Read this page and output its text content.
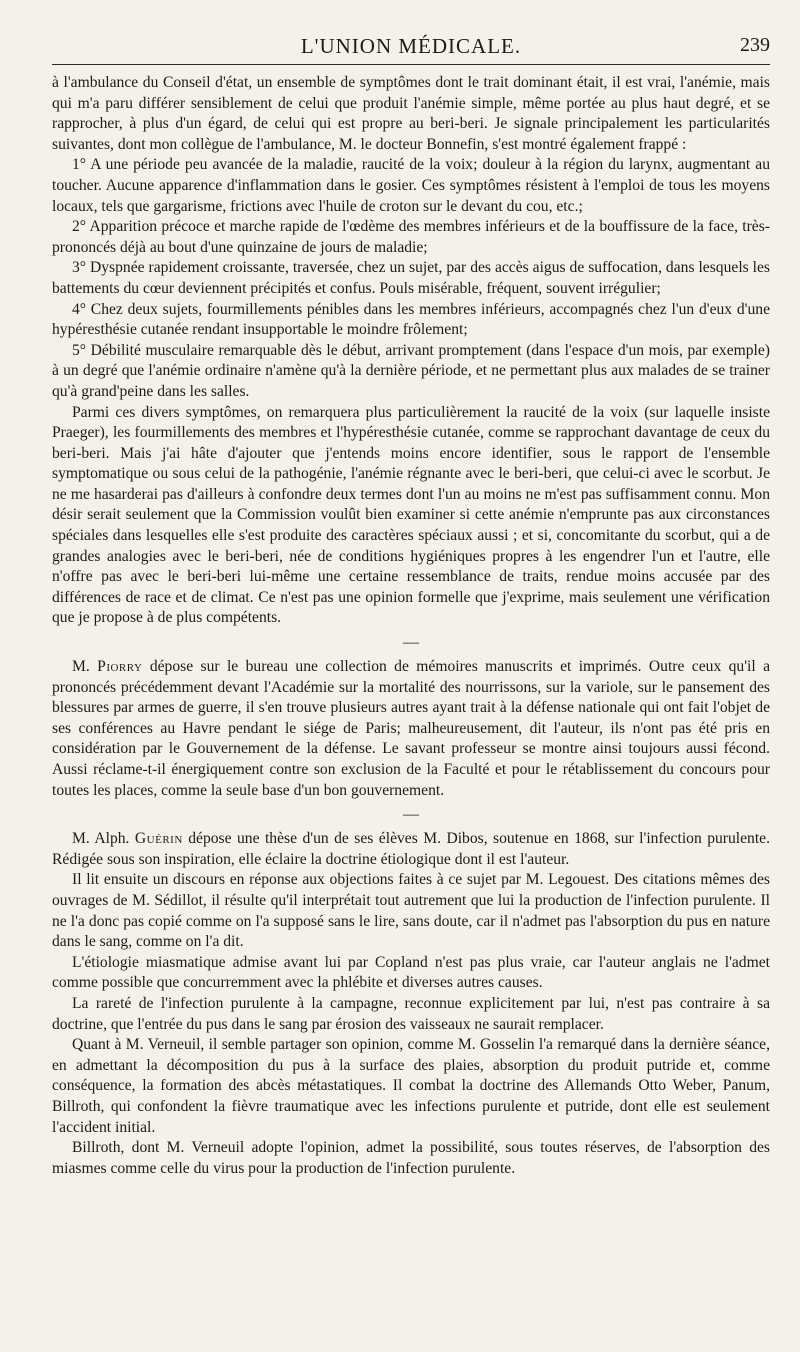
L'UNION MÉDICALE.	239

à l'ambulance du Conseil d'état, un ensemble de symptômes dont le trait dominant était, il est vrai, l'anémie, mais qui m'a paru différer sensiblement de celui que produit l'anémie simple, même portée au plus haut degré, et se rapprocher, à plus d'un égard, de celui qui est propre au beri-beri. Je signale principalement les particularités suivantes, dont mon collègue de l'ambulance, M. le docteur Bonnefin, s'est montré également frappé :

1° A une période peu avancée de la maladie, raucité de la voix; douleur à la région du larynx, augmentant au toucher. Aucune apparence d'inflammation dans le gosier. Ces symptômes résistent à l'emploi de tous les moyens locaux, tels que gargarisme, frictions avec l'huile de croton sur le devant du cou, etc.;

2° Apparition précoce et marche rapide de l'œdème des membres inférieurs et de la bouffissure de la face, très-prononcés déjà au bout d'une quinzaine de jours de maladie;

3° Dyspnée rapidement croissante, traversée, chez un sujet, par des accès aigus de suffocation, dans lesquels les battements du cœur deviennent précipités et confus. Pouls misérable, fréquent, souvent irrégulier;

4° Chez deux sujets, fourmillements pénibles dans les membres inférieurs, accompagnés chez l'un d'eux d'une hypéresthésie cutanée rendant insupportable le moindre frôlement;

5° Débilité musculaire remarquable dès le début, arrivant promptement (dans l'espace d'un mois, par exemple) à un degré que l'anémie ordinaire n'amène qu'à la dernière période, et ne permettant plus aux malades de se trainer qu'à grand'peine dans les salles.

Parmi ces divers symptômes, on remarquera plus particulièrement la raucité de la voix (sur laquelle insiste Praeger), les fourmillements des membres et l'hypéresthésie cutanée, comme se rapprochant davantage de ceux du beri-beri. Mais j'ai hâte d'ajouter que j'entends moins encore identifier, sous le rapport de l'ensemble symptomatique ou sous celui de la pathogénie, l'anémie régnante avec le beri-beri, que celui-ci avec le scorbut. Je ne me hasarderai pas d'ailleurs à confondre deux termes dont l'un au moins ne m'est pas suffisamment connu. Mon désir serait seulement que la Commission voulût bien examiner si cette anémie n'emprunte pas aux circonstances spéciales dans lesquelles elle s'est produite des caractères spéciaux aussi ; et si, concomitante du scorbut, qui a de grandes analogies avec le beri-beri, née de conditions hygiéniques propres à les engendrer l'un et l'autre, elle n'offre pas avec le beri-beri lui-même une certaine ressemblance de traits, rendue moins accusée par des différences de race et de climat. Ce n'est pas une opinion formelle que j'exprime, mais seulement une vérification que je propose à de plus compétents.

—

M. Piorry dépose sur le bureau une collection de mémoires manuscrits et imprimés. Outre ceux qu'il a prononcés précédemment devant l'Académie sur la mortalité des nourrissons, sur la variole, sur le pansement des blessures par armes de guerre, il s'en trouve plusieurs autres ayant trait à la défense nationale qui ont fait l'objet de ses conférences au Havre pendant le siége de Paris; malheureusement, dit l'auteur, ils n'ont pas été pris en considération par le Gouvernement de la défense. Le savant professeur se montre ainsi toujours aussi fécond. Aussi réclame-t-il énergiquement contre son exclusion de la Faculté et pour le rétablissement du concours pour toutes les places, comme la seule base d'un bon gouvernement.

—

M. Alph. Guérin dépose une thèse d'un de ses élèves M. Dibos, soutenue en 1868, sur l'infection purulente. Rédigée sous son inspiration, elle éclaire la doctrine étiologique dont il est l'auteur.

Il lit ensuite un discours en réponse aux objections faites à ce sujet par M. Legouest. Des citations mêmes des ouvrages de M. Sédillot, il résulte qu'il interprétait tout autrement que lui la production de l'infection purulente. Il ne l'a donc pas copié comme on l'a supposé sans le lire, sans doute, car il n'admet pas l'absorption du pus en nature dans le sang, comme on l'a dit.

L'étiologie miasmatique admise avant lui par Copland n'est pas plus vraie, car l'auteur anglais ne l'admet comme possible que concurremment avec la phlébite et diverses autres causes.

La rareté de l'infection purulente à la campagne, reconnue explicitement par lui, n'est pas contraire à sa doctrine, que l'entrée du pus dans le sang par érosion des vaisseaux ne saurait remplacer.

Quant à M. Verneuil, il semble partager son opinion, comme M. Gosselin l'a remarqué dans la dernière séance, en admettant la décomposition du pus à la surface des plaies, absorption du produit putride et, comme conséquence, la formation des abcès métastatiques. Il combat la doctrine des Allemands Otto Weber, Panum, Billroth, qui confondent la fièvre traumatique avec les infections purulente et putride, dont elle est seulement l'accident initial.

Billroth, dont M. Verneuil adopte l'opinion, admet la possibilité, sous toutes réserves, de l'absorption des miasmes comme celle du virus pour la production de l'infection purulente.
